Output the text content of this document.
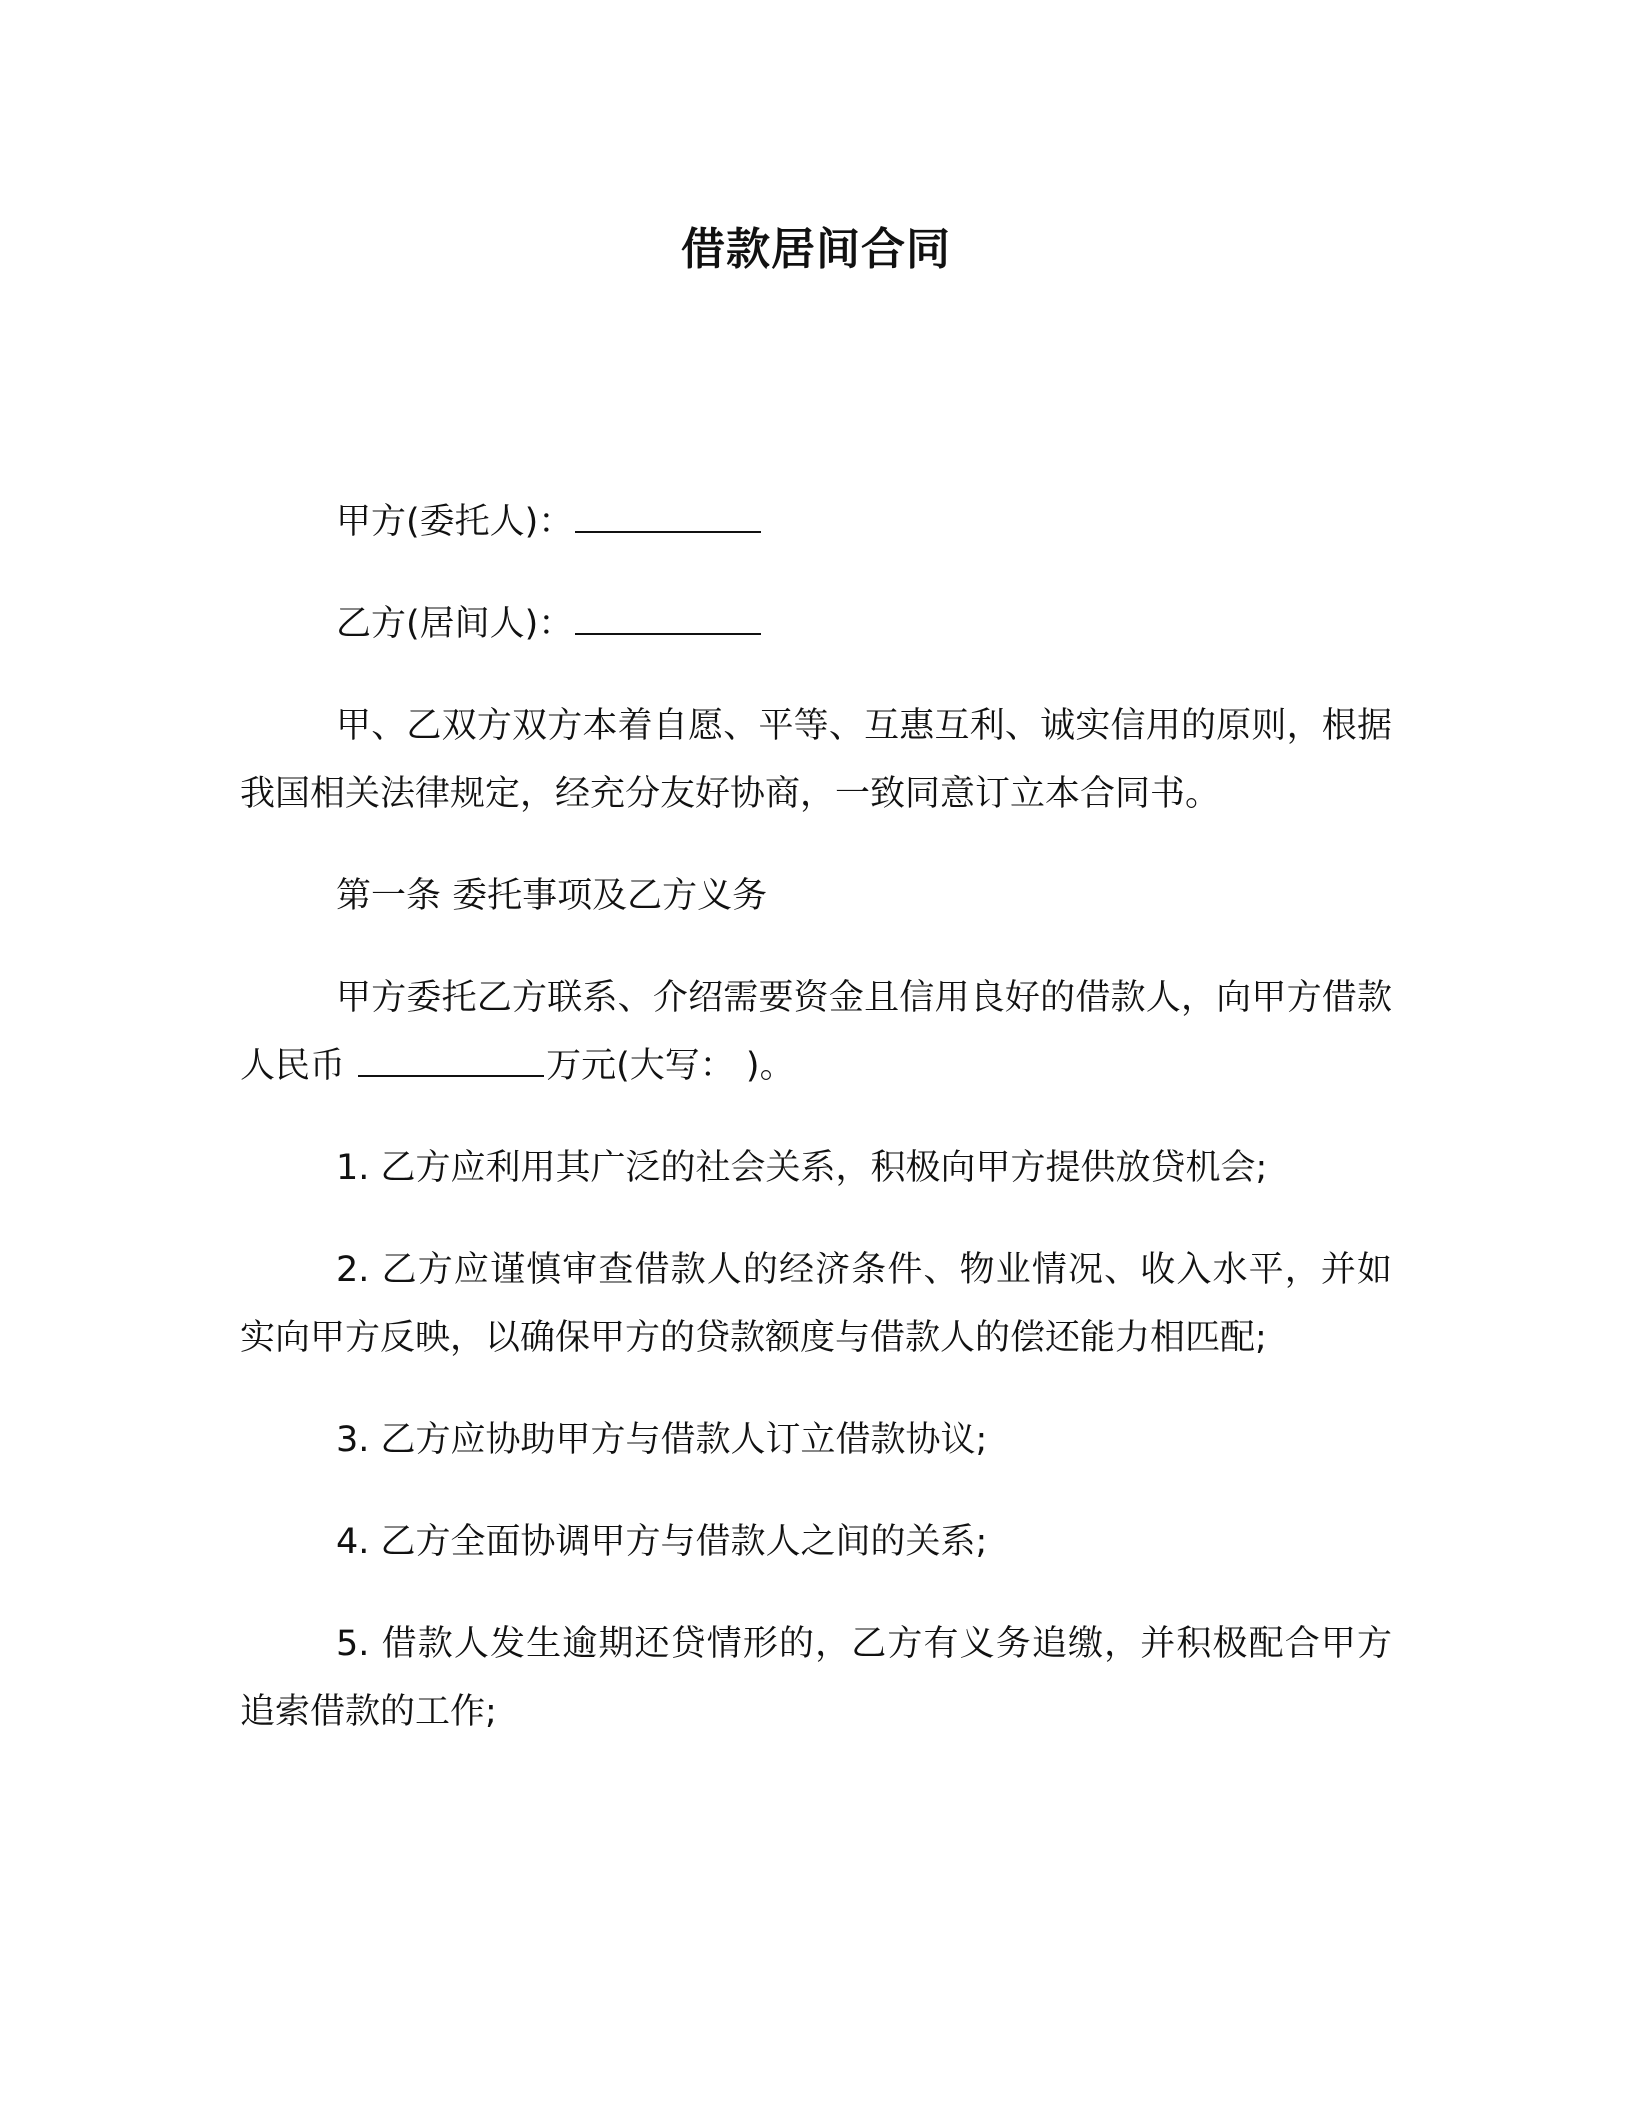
借款居间合同

甲方(委托人)：

乙方(居间人)：

甲、乙双方双方本着自愿、平等、互惠互利、诚实信用的原则，根据我国相关法律规定，经充分友好协商，一致同意订立本合同书。

第一条 委托事项及乙方义务

甲方委托乙方联系、介绍需要资金且信用良好的借款人，向甲方借款人民币	万元(大写： )。

1. 乙方应利用其广泛的社会关系，积极向甲方提供放贷机会;

2. 乙方应谨慎审查借款人的经济条件、物业情况、收入水平，并如实向甲方反映，以确保甲方的贷款额度与借款人的偿还能力相匹配;

3. 乙方应协助甲方与借款人订立借款协议;

4. 乙方全面协调甲方与借款人之间的关系;

5. 借款人发生逾期还贷情形的，乙方有义务追缴，并积极配合甲方追索借款的工作;
